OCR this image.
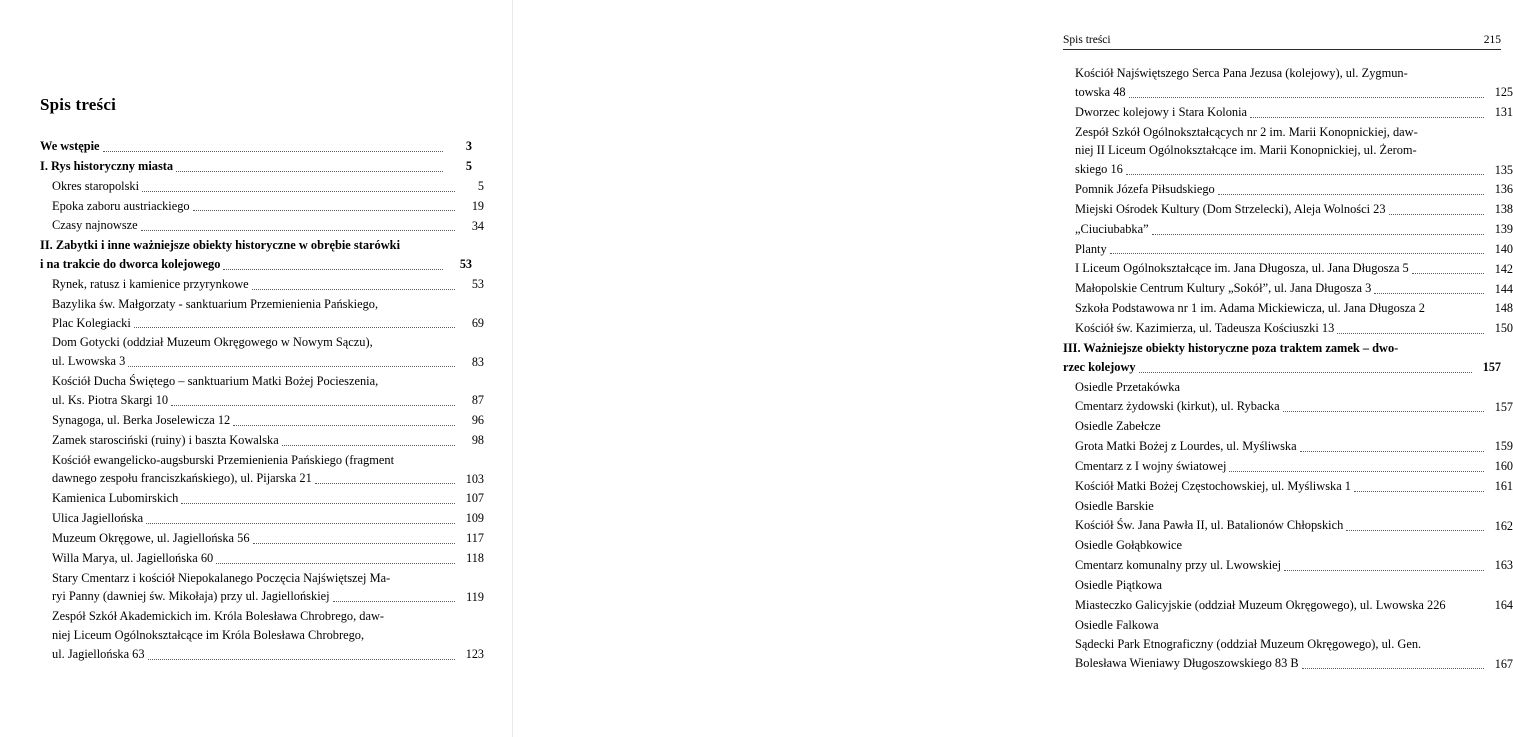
Spis treści
We wstępie	3
I. Rys historyczny miasta	5
Okres staropolski	5
Epoka zaboru austriackiego	19
Czasy najnowsze	34
II. Zabytki i inne ważniejsze obiekty historyczne w obrębie starówki
i na trakcie do dworca kolejowego	53
Rynek, ratusz i kamienice przyrynkowe	53
Bazylika św. Małgorzaty - sanktuarium Przemienienia Pańskiego,
Plac Kolegiacki	69
Dom Gotycki (oddział Muzeum Okręgowego w Nowym Sączu),
ul. Lwowska 3	83
Kościół Ducha Świętego – sanktuarium Matki Bożej Pocieszenia,
ul. Ks. Piotra Skargi 10	87
Synagoga, ul. Berka Joselewicza 12	96
Zamek starosciński (ruiny) i baszta Kowalska	98
Kościół ewangelicko-augsburski Przemienienia Pańskiego (fragment
dawnego zespołu franciszkańskiego), ul. Pijarska 21	103
Kamienica Lubomirskich	107
Ulica Jagiellońska	109
Muzeum Okręgowe, ul. Jagiellońska 56	117
Willa Marya, ul. Jagiellońska 60	118
Stary Cmentarz i kościół Niepokalanego Poczęcia Najświętszej Ma-
ryi Panny (dawniej św. Mikołaja) przy ul. Jagiellońskiej	119
Zespół Szkół Akademickich im. Króla Bolesława Chrobrego, daw-
niej Liceum Ogólnokształcące im Króla Bolesława Chrobrego,
ul. Jagiellońska 63	123
Spis treści	215
Kościół Najświętszego Serca Pana Jezusa (kolejowy), ul. Zygmun-
towska 48	125
Dworzec kolejowy i Stara Kolonia	131
Zespół Szkół Ogólnokształcących nr 2 im. Marii Konopnickiej, daw-
niej II Liceum Ogólnokształcące im. Marii Konopnickiej, ul. Żerom-
skiego 16	135
Pomnik Józefa Piłsudskiego	136
Miejski Ośrodek Kultury (Dom Strzelecki), Aleja Wolności 23	138
„Ciuciubabka”	139
Planty	140
I Liceum Ogólnokształcące im. Jana Długosza, ul. Jana Długosza 5	142
Małopolskie Centrum Kultury „Sokół”, ul. Jana Długosza 3	144
Szkoła Podstawowa nr 1 im. Adama Mickiewicza, ul. Jana Długosza 2	148
Kościół św. Kazimierza, ul. Tadeusza Kościuszki 13	150
III. Ważniejsze obiekty historyczne poza traktem zamek – dwo-
rzec kolejowy	157
Osiedle Przetakówka
Cmentarz żydowski (kirkut), ul. Rybacka	157
Osiedle Zabełcze
Grota Matki Bożej z Lourdes, ul. Myśliwska	159
Cmentarz z I wojny światowej	160
Kościół Matki Bożej Częstochowskiej, ul. Myśliwska 1	161
Osiedle Barskie
Kościół Św. Jana Pawła II, ul. Batalionów Chłopskich	162
Osiedle Gołąbkowice
Cmentarz komunalny przy ul. Lwowskiej	163
Osiedle Piątkowa
Miasteczko Galicyjskie (oddział Muzeum Okręgowego), ul. Lwowska 226	164
Osiedle Falkowa
Sądecki Park Etnograficzny (oddział Muzeum Okręgowego), ul. Gen.
Bolesława Wieniawy Długoszowskiego 83 B	167
